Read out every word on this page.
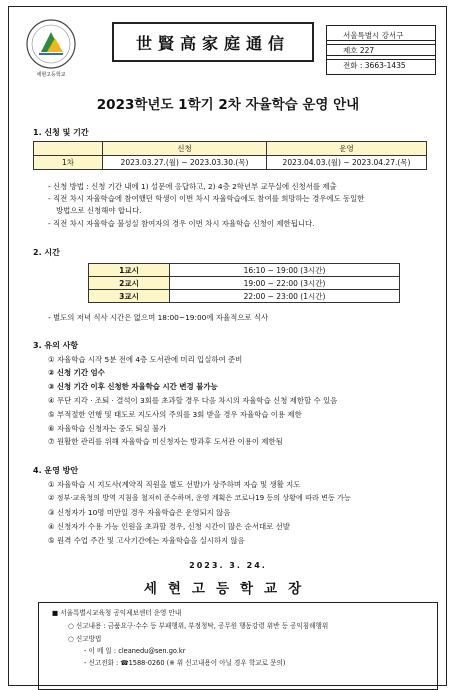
세현고등학교
世賢高家庭通信	서울특별시 강서구
제호 227
전화 : 3663-1435
2023학년도 1학기 2차 자율학습 운영 안내
1. 신청 및 기간
	신청	운영
1차	2023.03.27.(월) ~ 2023.03.30.(목)	2023.04.03.(월) ~ 2023.04.27.(목)
- 신청 방법 : 신청 기간 내에 1) 설문에 응답하고, 2) 4층 2학년부 교무실에 신청서를 제출
- 직전 차시 자율학습에 참여했던 학생이 이번 차시 자율학습에도 참여를 희망하는 경우에도 동일한
방법으로 신청해야 합니다.
- 직전 차시 자율학습 불성실 참여자의 경우 이번 차시 자율학습 신청이 제한됩니다.
2. 시간
1교시	16:10 ~ 19:00 (3시간)
2교시	19:00 ~ 22:00 (3시간)
3교시	22:00 ~ 23:00 (1시간)
- 별도의 저녁 식사 시간은 없으며 18:00~19:00에 자율적으로 식사
3. 유의 사항
① 자율학습 시작 5분 전에 4층 도서관에 미리 입실하여 준비
② 신청 기간 엄수
③ 신청 기간 이후 신청한 자율학습 시간 변경 불가능
④ 무단 지각 · 조퇴 · 결석이 3회를 초과할 경우 다음 차시의 자율학습 신청 제한할 수 있음
⑤ 부적절한 언행 및 태도로 지도사의 주의를 3회 받을 경우 자율학습 이용 제한
⑥ 자율학습 신청자는 중도 퇴실 불가
⑦ 원활한 관리를 위해 자율학습 미신청자는 방과후 도서관 이용이 제한됨
4. 운영 방안
① 자율학습 시 지도사(계약직 직원을 별도 선발)가 상주하며 자습 및 생활 지도
② 정부·교육청의 방역 지침을 철저히 준수하며, 운영 계획은 코로나19 등의 상황에 따라 변동 가능
③ 신청자가 10명 미만일 경우 자율학습은 운영되지 않음
④ 신청자가 수용 가능 인원을 초과할 경우, 신청 시간이 많은 순서대로 선발
⑤ 원격 수업 주간 및 고사기간에는 자율학습을 실시하지 않음
2023. 3. 24.
세현고등학교장
■ 서울특별시교육청 공익제보센터 운영 안내
○ 신고내용 : 금품요구·수수 등 부패행위, 부정청탁, 공무원 행동강령 위반 등 공익침해행위
○ 신고방법
- 이 메 일 : cleanedu@sen.go.kr
- 신고전화 : ☎1588-0260 (※ 위 신고내용이 아닐 경우 학교로 문의)
